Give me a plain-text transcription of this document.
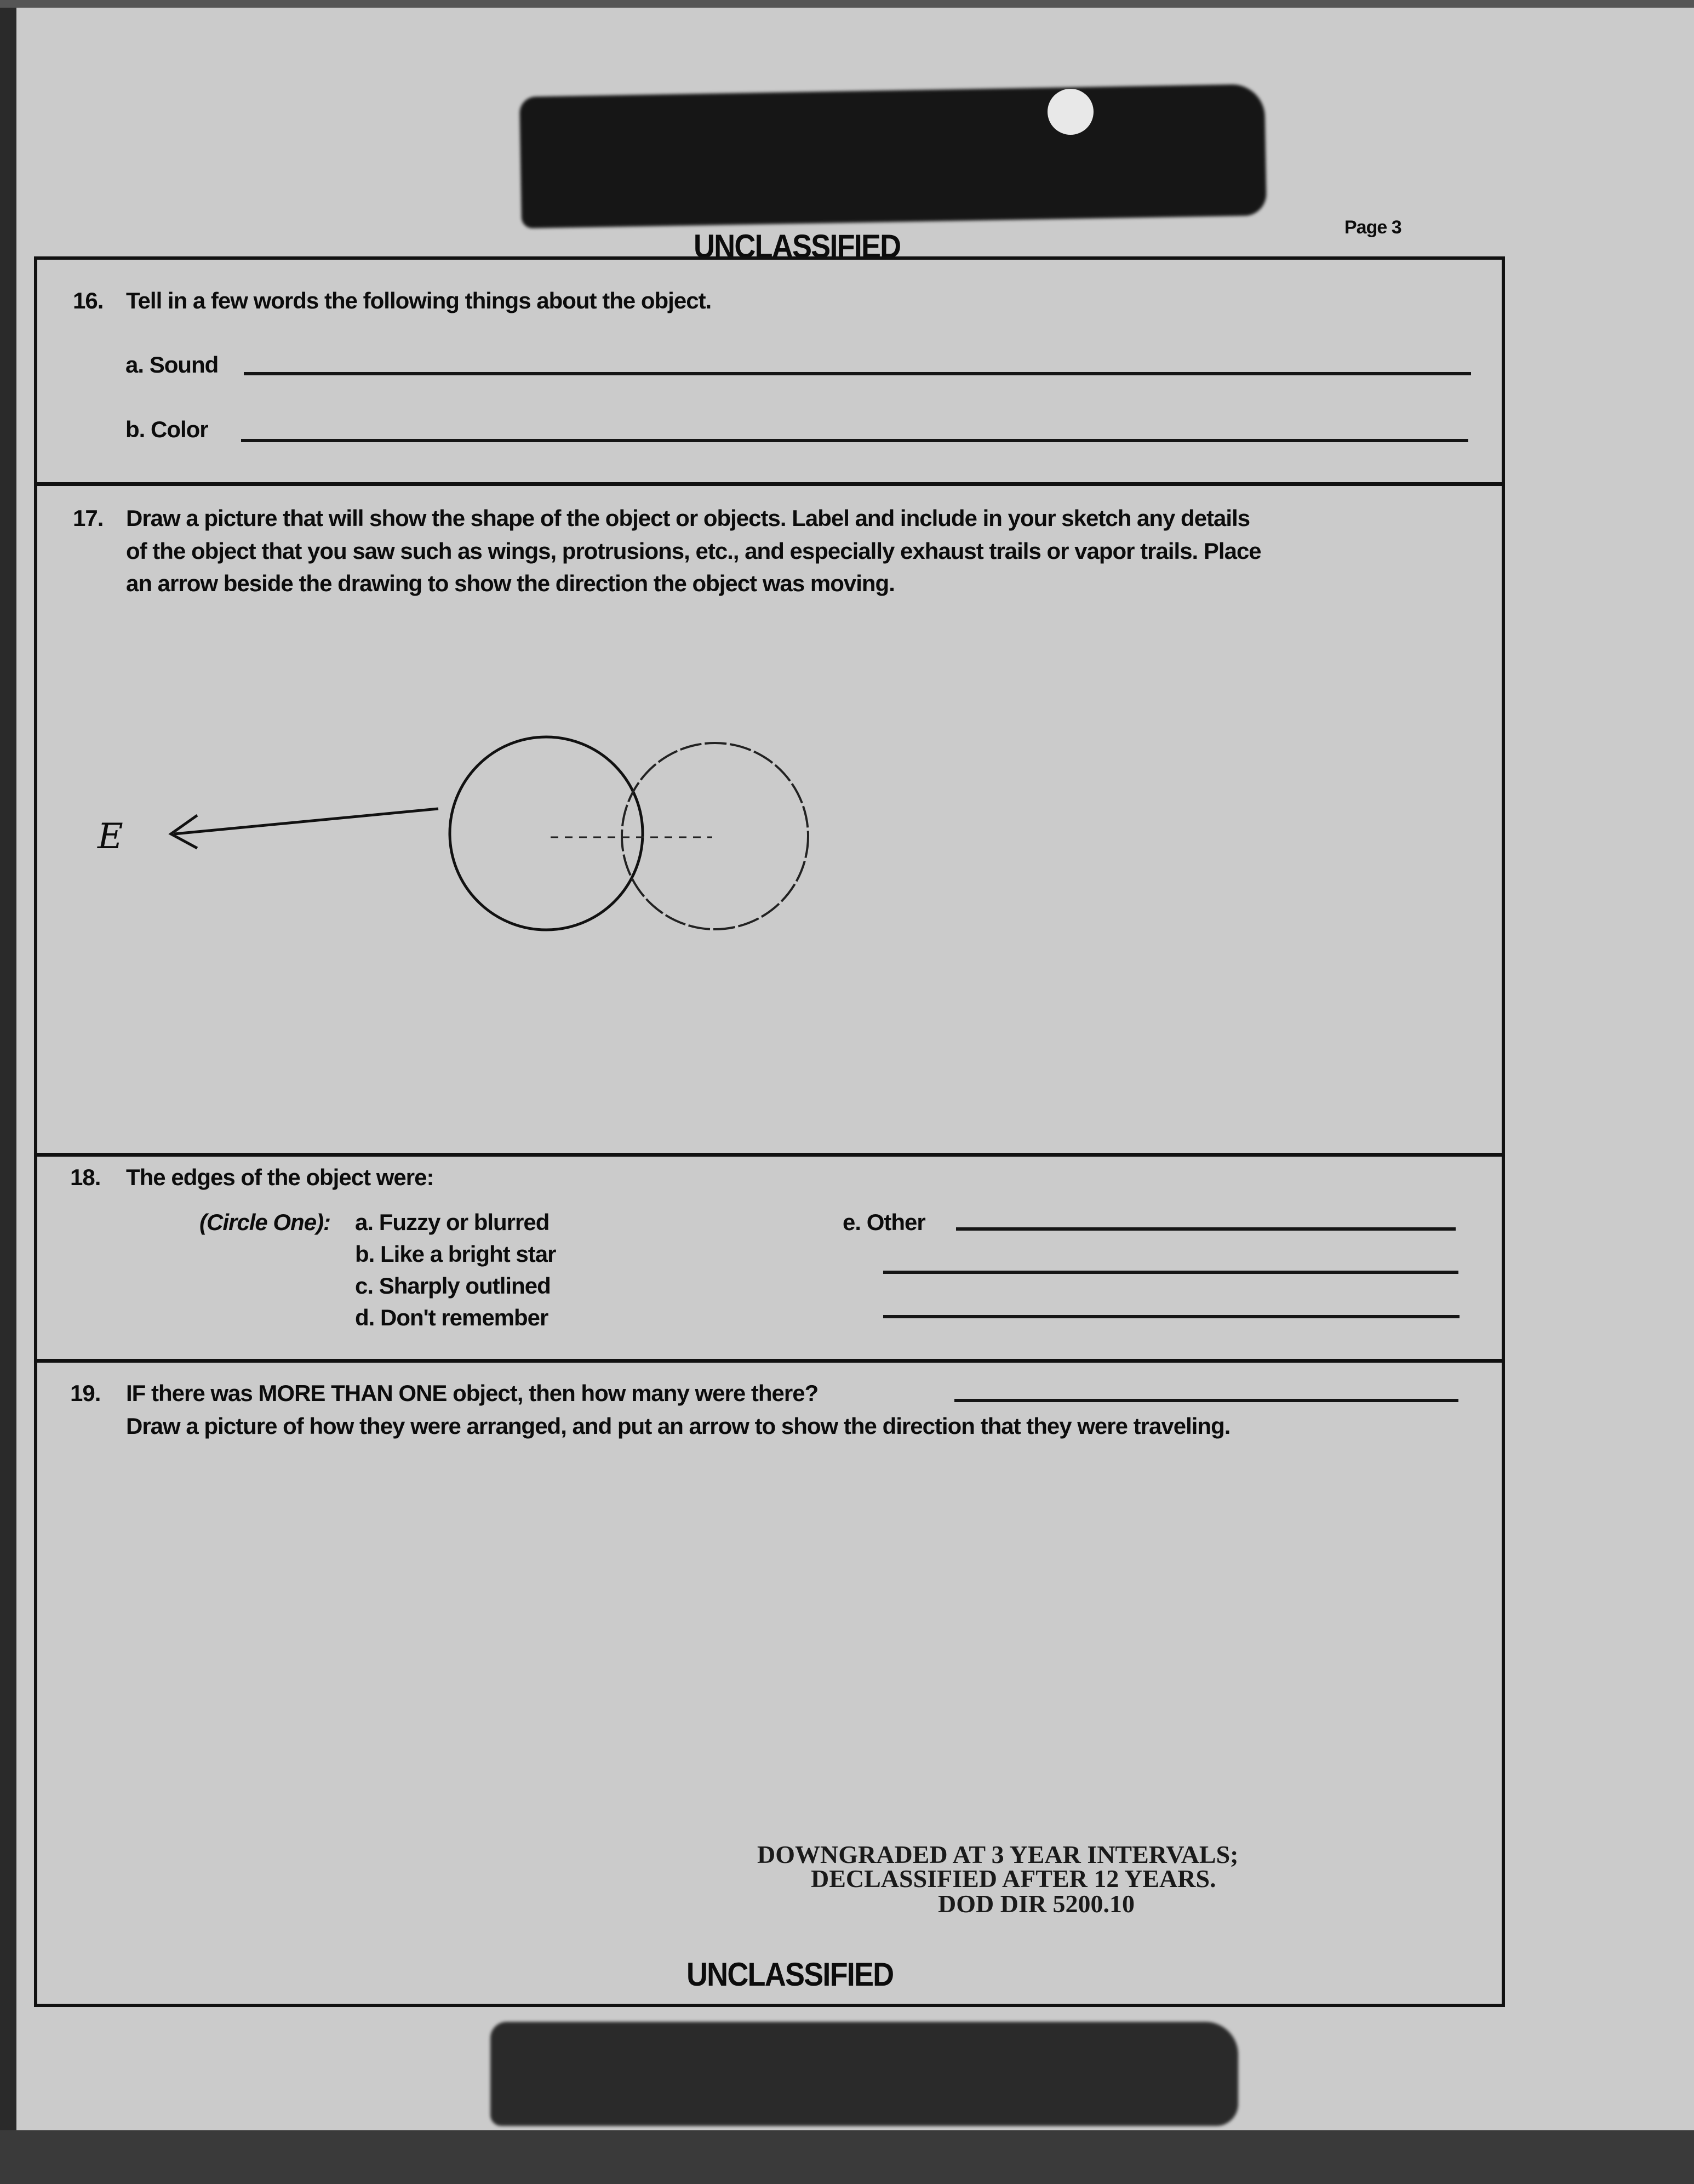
UNCLASSIFIED
Page 3
16. Tell in a few words the following things about the object.
a. Sound
b. Color
17. Draw a picture that will show the shape of the object or objects. Label and include in your sketch any details
of the object that you saw such as wings, protrusions, etc., and especially exhaust trails or vapor trails. Place
an arrow beside the drawing to show the direction the object was moving.
E
18. The edges of the object were:
(Circle One): a. Fuzzy or blurred
b. Like a bright star
c. Sharply outlined
d. Don't remember
e. Other
19. IF there was MORE THAN ONE object, then how many were there?
Draw a picture of how they were arranged, and put an arrow to show the direction that they were traveling.
DOWNGRADED AT 3 YEAR INTERVALS;
DECLASSIFIED AFTER 12 YEARS.
DOD DIR 5200.10
UNCLASSIFIED
